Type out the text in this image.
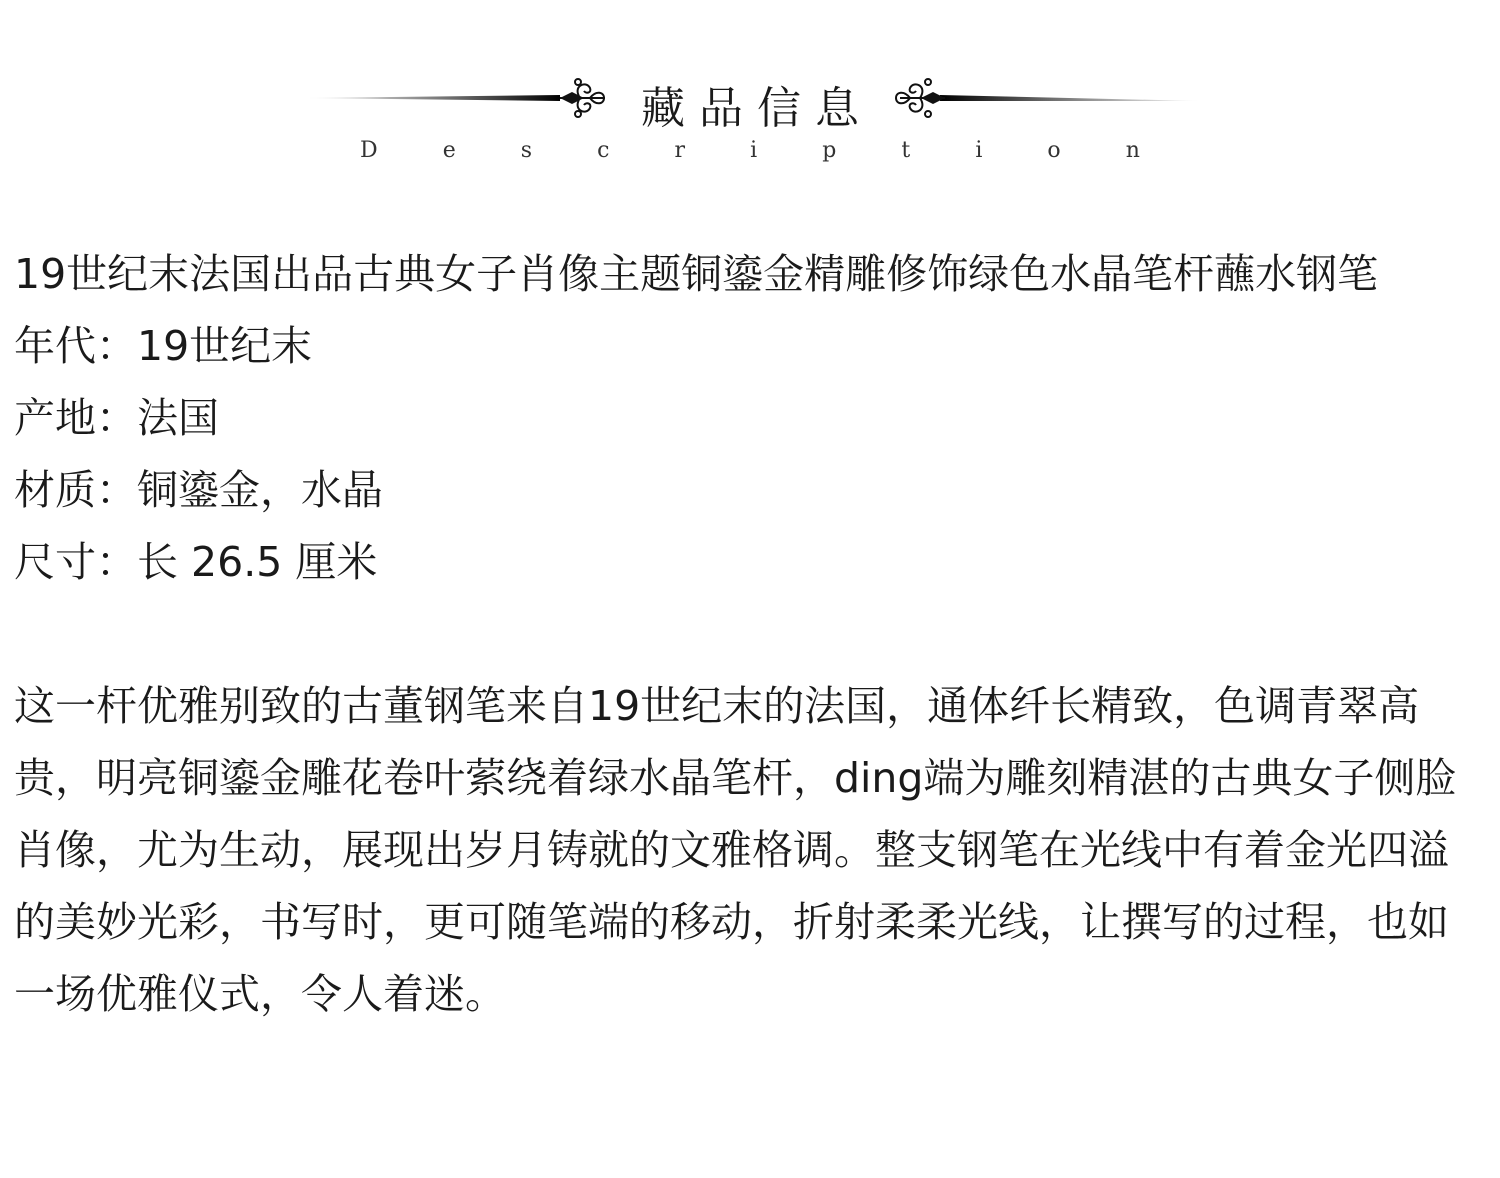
藏品信息
D	e	s	c	r	i	p	t	i	o	n

19世纪末法国出品古典女子肖像主题铜鎏金精雕修饰绿色水晶笔杆蘸水钢笔

年代：19世纪末

产地：法国

材质：铜鎏金，水晶

尺寸：长 26.5 厘米

这一杆优雅别致的古董钢笔来自19世纪末的法国，通体纤长精致，色调青翠高贵，明亮铜鎏金雕花卷叶萦绕着绿水晶笔杆，ding端为雕刻精湛的古典女子侧脸肖像，尤为生动，展现出岁月铸就的文雅格调。整支钢笔在光线中有着金光四溢的美妙光彩，书写时，更可随笔端的移动，折射柔柔光线，让撰写的过程，也如一场优雅仪式，令人着迷。
